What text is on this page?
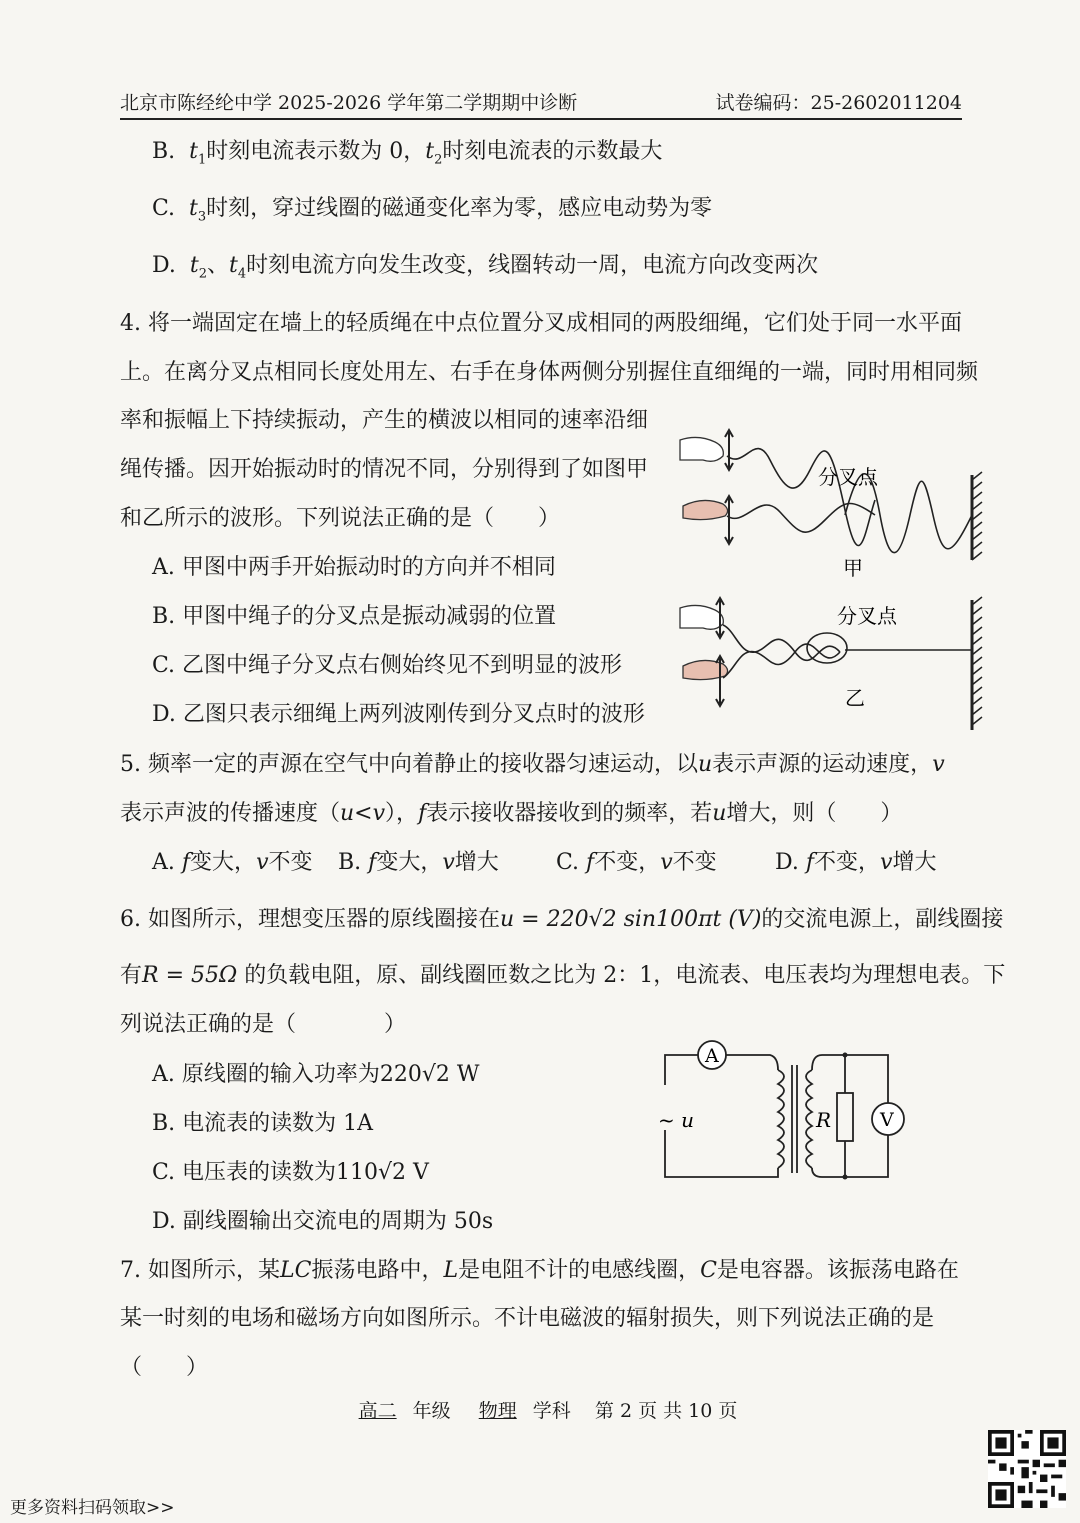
北京市陈经纶中学 2025-2026 学年第二学期期中诊断	试卷编码：25-2602011204
B. $t_1$时刻电流表示数为 0，$t_2$时刻电流表的示数最大
C. $t_3$时刻，穿过线圈的磁通变化率为零，感应电动势为零
D. $t_2$、$t_4$时刻电流方向发生改变，线圈转动一周，电流方向改变两次
4. 将一端固定在墙上的轻质绳在中点位置分叉成相同的两股细绳，它们处于同一水平面
上。在离分叉点相同长度处用左、右手在身体两侧分别握住直细绳的一端，同时用相同频
率和振幅上下持续振动，产生的横波以相同的速率沿细
绳传播。因开始振动时的情况不同，分别得到了如图甲
和乙所示的波形。下列说法正确的是（　　）
A. 甲图中两手开始振动时的方向并不相同
B. 甲图中绳子的分叉点是振动减弱的位置
C. 乙图中绳子分叉点右侧始终见不到明显的波形
D. 乙图只表示细绳上两列波刚传到分叉点时的波形
分叉点
甲
分叉点
乙
5. 频率一定的声源在空气中向着静止的接收器匀速运动，以u表示声源的运动速度，v
表示声波的传播速度（u<v），f表示接收器接收到的频率，若u增大，则（　　）
A. f变大，v不变 B. f变大，v增大	C. f不变，v不变	D. f不变，v增大
6. 如图所示，理想变压器的原线圈接在u = 220√2 sin100πt (V)的交流电源上，副线圈接
有R = 55Ω 的负载电阻，原、副线圈匝数之比为 2：1，电流表、电压表均为理想电表。下
列说法正确的是（　　　　）
A. 原线圈的输入功率为220√2 W
B. 电流表的读数为 1A
C. 电压表的读数为110√2 V
D. 副线圈输出交流电的周期为 50s
A
V
R
~ u
7. 如图所示，某LC振荡电路中，L是电阻不计的电感线圈，C是电容器。该振荡电路在
某一时刻的电场和磁场方向如图所示。不计电磁波的辐射损失，则下列说法正确的是
（　　）
高二 年级 物理 学科 第 2 页 共 10 页
更多资料扫码领取>>
